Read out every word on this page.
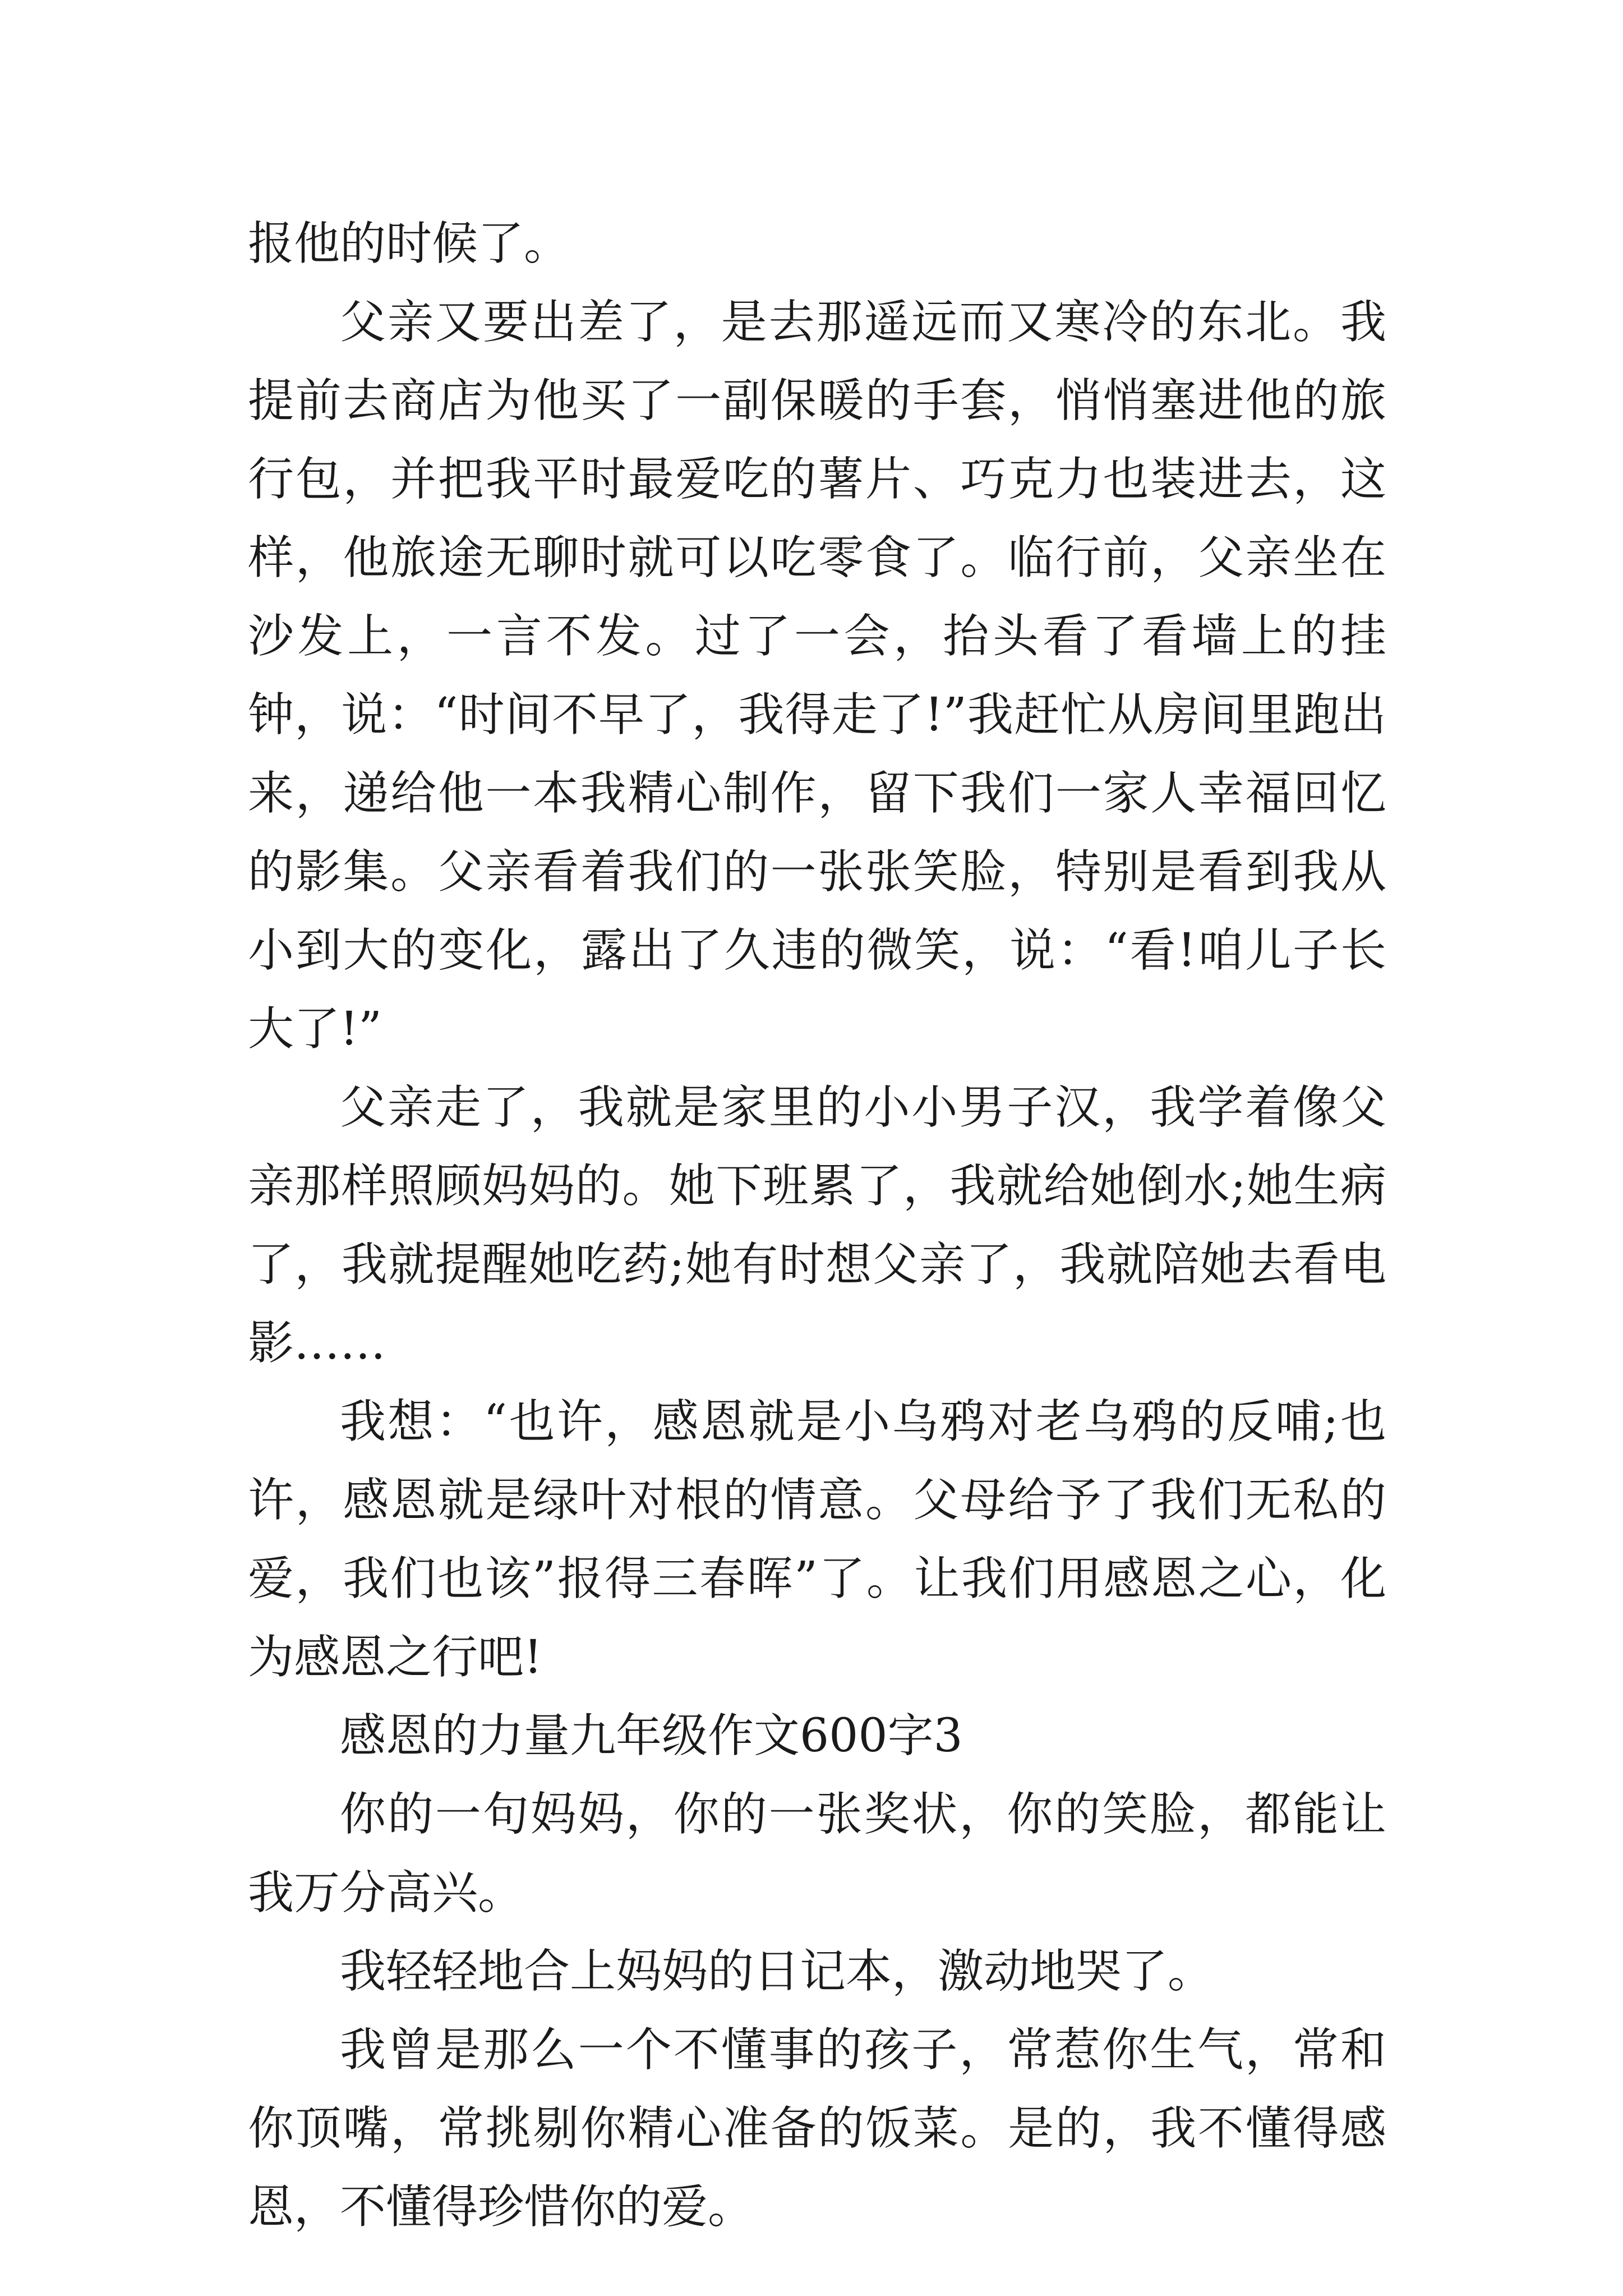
报他的时候了。

父亲又要出差了，是去那遥远而又寒冷的东北。我提前去商店为他买了一副保暖的手套，悄悄塞进他的旅行包，并把我平时最爱吃的薯片、巧克力也装进去，这样，他旅途无聊时就可以吃零食了。临行前，父亲坐在沙发上，一言不发。过了一会，抬头看了看墙上的挂钟，说：“时间不早了，我得走了!”我赶忙从房间里跑出来，递给他一本我精心制作，留下我们一家人幸福回忆的影集。父亲看着我们的一张张笑脸，特别是看到我从小到大的变化，露出了久违的微笑，说：“看!咱儿子长大了!”

父亲走了，我就是家里的小小男子汉，我学着像父亲那样照顾妈妈的。她下班累了，我就给她倒水;她生病了，我就提醒她吃药;她有时想父亲了，我就陪她去看电影……

我想：“也许，感恩就是小乌鸦对老乌鸦的反哺;也许，感恩就是绿叶对根的情意。父母给予了我们无私的爱，我们也该”报得三春晖”了。让我们用感恩之心，化为感恩之行吧!

感恩的力量九年级作文600字3

你的一句妈妈，你的一张奖状，你的笑脸，都能让我万分高兴。

我轻轻地合上妈妈的日记本，激动地哭了。

我曾是那么一个不懂事的孩子，常惹你生气，常和你顶嘴，常挑剔你精心准备的饭菜。是的，我不懂得感恩，不懂得珍惜你的爱。
